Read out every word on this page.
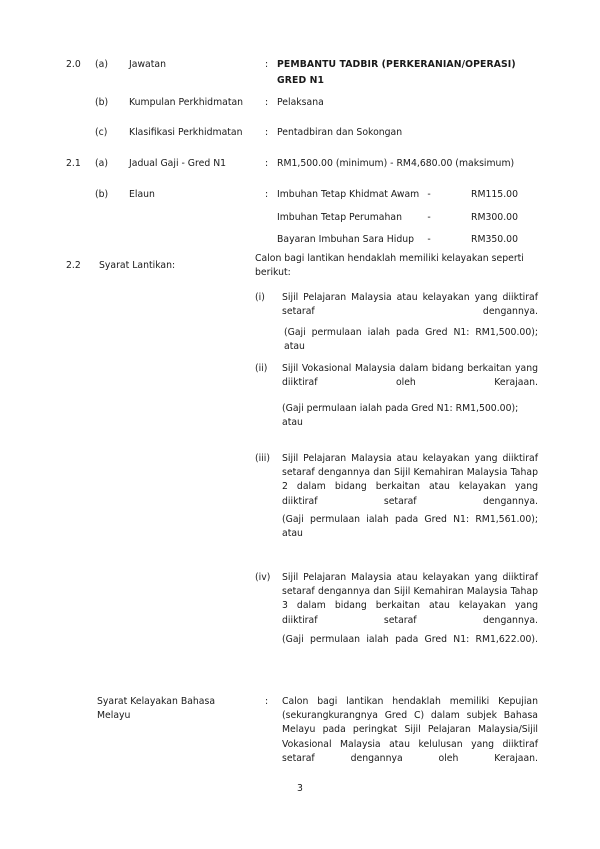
2.0	(a)	Jawatan	: PEMBANTU TADBIR (PERKERANIAN/OPERASI)
GRED N1
(b)	Kumpulan Perkhidmatan	: Pelaksana
(c)	Klasifikasi Perkhidmatan	: Pentadbiran dan Sokongan
2.1	(a)	Jadual Gaji - Gred N1	: RM1,500.00 (minimum) - RM4,680.00 (maksimum)
(b)	Elaun	: Imbuhan Tetap Khidmat Awam -	RM115.00
Imbuhan Tetap Perumahan	-	RM300.00
Bayaran Imbuhan Sara Hidup	-	RM350.00
2.2	Syarat Lantikan:
Calon bagi lantikan hendaklah memiliki kelayakan seperti berikut:
(i)	Sijil Pelajaran Malaysia atau kelayakan yang diiktiraf setaraf dengannya.
(Gaji permulaan ialah pada Gred N1: RM1,500.00); atau
(ii)	Sijil Vokasional Malaysia dalam bidang berkaitan yang diiktiraf oleh Kerajaan.
(Gaji permulaan ialah pada Gred N1: RM1,500.00); atau
(iii)	Sijil Pelajaran Malaysia atau kelayakan yang diiktiraf setaraf dengannya dan Sijil Kemahiran Malaysia Tahap 2 dalam bidang berkaitan atau kelayakan yang diiktiraf setaraf dengannya.
(Gaji permulaan ialah pada Gred N1: RM1,561.00); atau
(iv)	Sijil Pelajaran Malaysia atau kelayakan yang diiktiraf setaraf dengannya dan Sijil Kemahiran Malaysia Tahap 3 dalam bidang berkaitan atau kelayakan yang diiktiraf setaraf dengannya.
(Gaji permulaan ialah pada Gred N1: RM1,622.00).
Syarat Kelayakan Bahasa
Melayu
:	Calon bagi lantikan hendaklah memiliki Kepujian (sekurangkurangnya Gred C) dalam subjek Bahasa Melayu pada peringkat Sijil Pelajaran Malaysia/Sijil Vokasional Malaysia atau kelulusan yang diiktiraf setaraf dengannya oleh Kerajaan.
3
